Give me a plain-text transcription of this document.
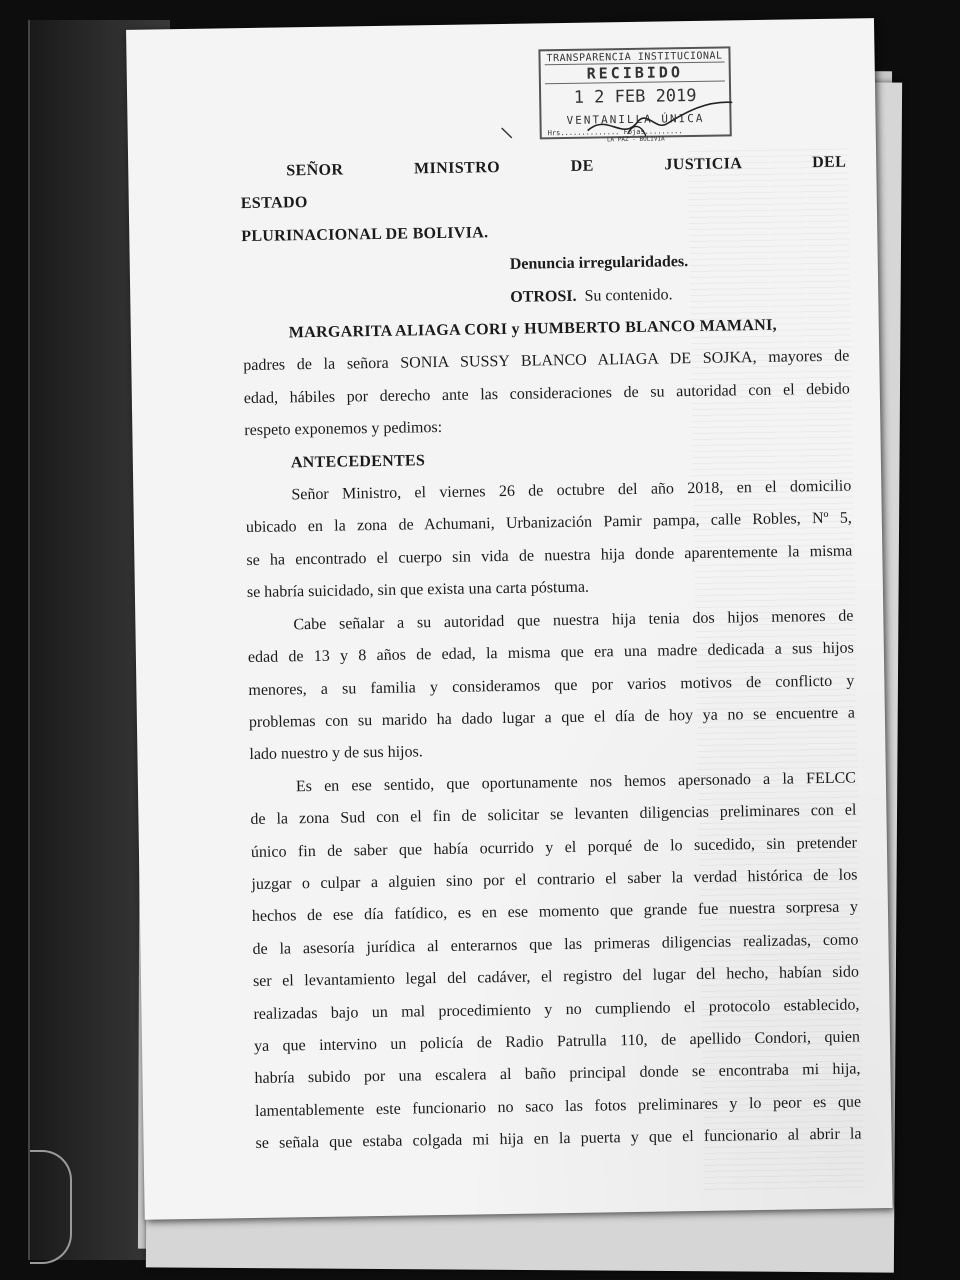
TRANSPARENCIA INSTITUCIONAL
RECIBIDO
1 2 FEB 2019
VENTANILLA ÚNICA
Hrs.............. Fojas.........
LA PAZ - BOLIVIA

SEÑOR MINISTRO DE JUSTICIA DEL ESTADO

PLURINACIONAL DE BOLIVIA.

Denuncia irregularidades.

OTROSI. Su contenido.

MARGARITA ALIAGA CORI y HUMBERTO BLANCO MAMANI,

padres de la señora SONIA SUSSY BLANCO ALIAGA DE SOJKA, mayores de

edad, hábiles por derecho ante las consideraciones de su autoridad con el debido

respeto exponemos y pedimos:

ANTECEDENTES

Señor Ministro, el viernes 26 de octubre del año 2018, en el domicilio

ubicado en la zona de Achumani, Urbanización Pamir pampa, calle Robles, Nº 5,

se ha encontrado el cuerpo sin vida de nuestra hija donde aparentemente la misma

se habría suicidado, sin que exista una carta póstuma.

Cabe señalar a su autoridad que nuestra hija tenia dos hijos menores de

edad de 13 y 8 años de edad, la misma que era una madre dedicada a sus hijos

menores, a su familia y consideramos que por varios motivos de conflicto y

problemas con su marido ha dado lugar a que el día de hoy ya no se encuentre a

lado nuestro y de sus hijos.

Es en ese sentido, que oportunamente nos hemos apersonado a la FELCC

de la zona Sud con el fin de solicitar se levanten diligencias preliminares con el

único fin de saber que había ocurrido y el porqué de lo sucedido, sin pretender

juzgar o culpar a alguien sino por el contrario el saber la verdad histórica de los

hechos de ese día fatídico, es en ese momento que grande fue nuestra sorpresa y

de la asesoría jurídica al enterarnos que las primeras diligencias realizadas, como

ser el levantamiento legal del cadáver, el registro del lugar del hecho, habían sido

realizadas bajo un mal procedimiento y no cumpliendo el protocolo establecido,

ya que intervino un policía de Radio Patrulla 110, de apellido Condori, quien

habría subido por una escalera al baño principal donde se encontraba mi hija,

lamentablemente este funcionario no saco las fotos preliminares y lo peor es que

se señala que estaba colgada mi hija en la puerta y que el funcionario al abrir la
